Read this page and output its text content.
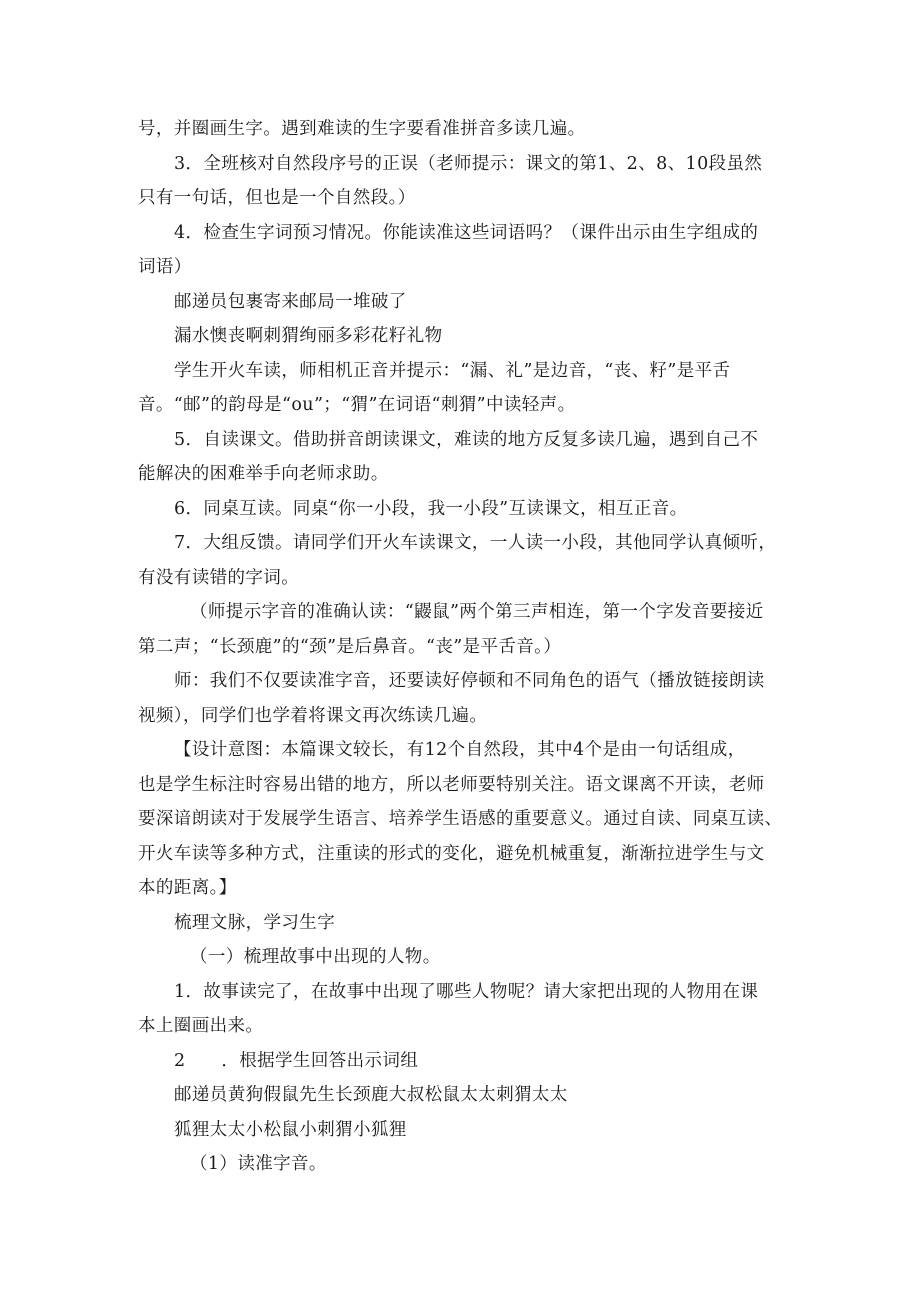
号，并圈画生字。遇到难读的生字要看准拼音多读几遍。
3．全班核对自然段序号的正误（老师提示：课文的第1、2、8、10段虽然
只有一句话，但也是一个自然段。）
4．检查生字词预习情况。你能读准这些词语吗？（课件出示由生字组成的
词语）
邮递员包裹寄来邮局一堆破了
漏水懊丧啊刺猬绚丽多彩花籽礼物
学生开火车读，师相机正音并提示：“漏、礼”是边音，“丧、籽”是平舌
音。“邮”的韵母是“ou”；“猬”在词语“刺猬”中读轻声。
5．自读课文。借助拼音朗读课文，难读的地方反复多读几遍，遇到自己不
能解决的困难举手向老师求助。
6．同桌互读。同桌“你一小段，我一小段”互读课文，相互正音。
7．大组反馈。请同学们开火车读课文，一人读一小段，其他同学认真倾听，
有没有读错的字词。
（师提示字音的准确认读：“鼹鼠”两个第三声相连，第一个字发音要接近
第二声；“长颈鹿”的“颈”是后鼻音。“丧”是平舌音。）
师：我们不仅要读准字音，还要读好停顿和不同角色的语气（播放链接朗读
视频），同学们也学着将课文再次练读几遍。
【设计意图：本篇课文较长，有12个自然段，其中4个是由一句话组成，
也是学生标注时容易出错的地方，所以老师要特别关注。语文课离不开读，老师
要深谙朗读对于发展学生语言、培养学生语感的重要意义。通过自读、同桌互读、
开火车读等多种方式，注重读的形式的变化，避免机械重复，渐渐拉进学生与文
本的距离。】
梳理文脉，学习生字
（一）梳理故事中出现的人物。
1．故事读完了，在故事中出现了哪些人物呢？请大家把出现的人物用在课
本上圈画出来。
2　　．根据学生回答出示词组
邮递员黄狗假鼠先生长颈鹿大叔松鼠太太刺猬太太
狐狸太太小松鼠小刺猬小狐狸
（1）读准字音。
